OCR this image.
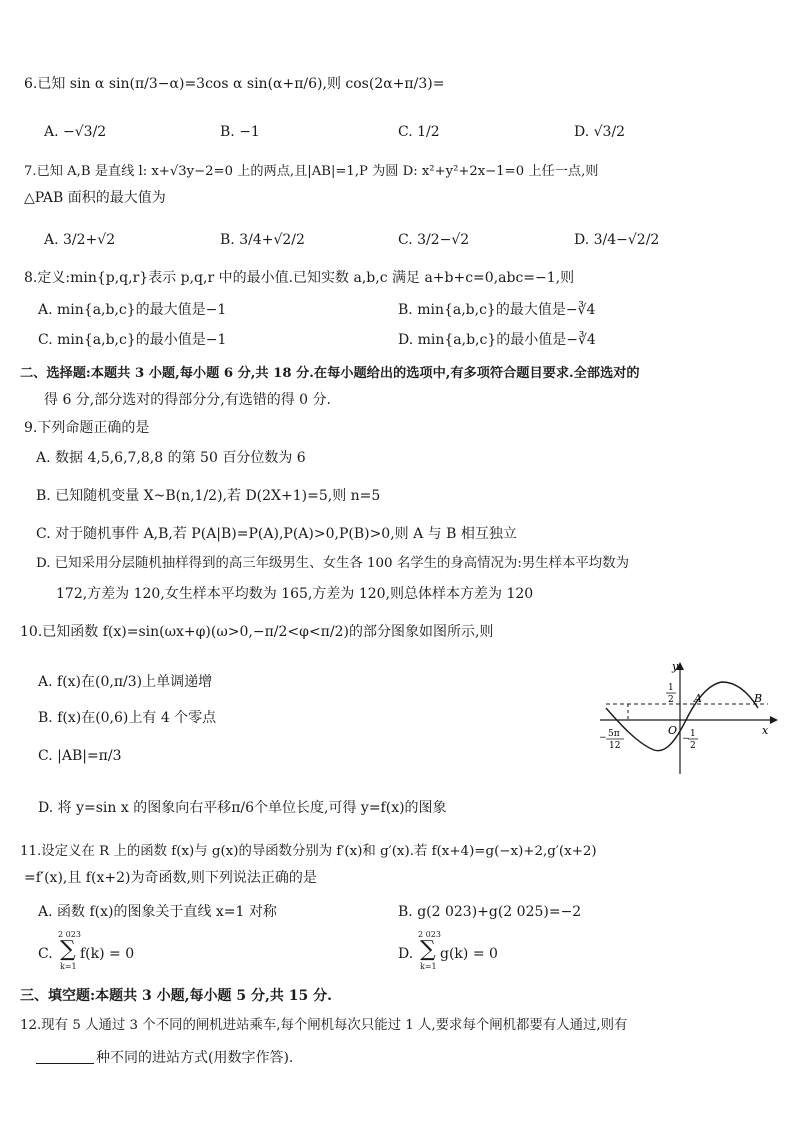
6.已知 sin α sin(π/3−α)=3cos α sin(α+π/6),则 cos(2α+π/3)=
A. −√3/2	B. −1	C. 1/2	D. √3/2
7.已知 A,B 是直线 l: x+√3y−2=0 上的两点,且|AB|=1,P 为圆 D: x²+y²+2x−1=0 上任一点,则
△PAB 面积的最大值为
A. 3/2+√2	B. 3/4+√2/2	C. 3/2−√2	D. 3/4−√2/2
8.定义:min{p,q,r}表示 p,q,r 中的最小值.已知实数 a,b,c 满足 a+b+c=0,abc=−1,则
A. min{a,b,c}的最大值是−1	B. min{a,b,c}的最大值是−∛4
C. min{a,b,c}的最小值是−1	D. min{a,b,c}的最小值是−∛4
二、选择题:本题共 3 小题,每小题 6 分,共 18 分.在每小题给出的选项中,有多项符合题目要求.全部选对的
得 6 分,部分选对的得部分分,有选错的得 0 分.
9.下列命题正确的是
A. 数据 4,5,6,7,8,8 的第 50 百分位数为 6
B. 已知随机变量 X~B(n,1/2),若 D(2X+1)=5,则 n=5
C. 对于随机事件 A,B,若 P(A|B)=P(A),P(A)>0,P(B)>0,则 A 与 B 相互独立
D. 已知采用分层随机抽样得到的高三年级男生、女生各 100 名学生的身高情况为:男生样本平均数为
172,方差为 120,女生样本平均数为 165,方差为 120,则总体样本方差为 120
10.已知函数 f(x)=sin(ωx+φ)(ω>0,−π/2<φ<π/2)的部分图象如图所示,则
A. f(x)在(0,π/3)上单调递增
B. f(x)在(0,6)上有 4 个零点
C. |AB|=π/3
D. 将 y=sin x 的图象向右平移π/6个单位长度,可得 y=f(x)的图象
y
x
O
1
2
− 1
2
− 5π
12
A	B
11.设定义在 R 上的函数 f(x)与 g(x)的导函数分别为 f′(x)和 g′(x).若 f(x+4)=g(−x)+2,g′(x+2)
=f′(x),且 f(x+2)为奇函数,则下列说法正确的是
A. 函数 f(x)的图象关于直线 x=1 对称	B. g(2 023)+g(2 025)=−2
C.
2 023
∑
k=1
f(k) = 0	D.
2 023
∑
k=1
g(k) = 0
三、填空题:本题共 3 小题,每小题 5 分,共 15 分.
12.现有 5 人通过 3 个不同的闸机进站乘车,每个闸机每次只能过 1 人,要求每个闸机都要有人通过,则有
种不同的进站方式(用数字作答).
